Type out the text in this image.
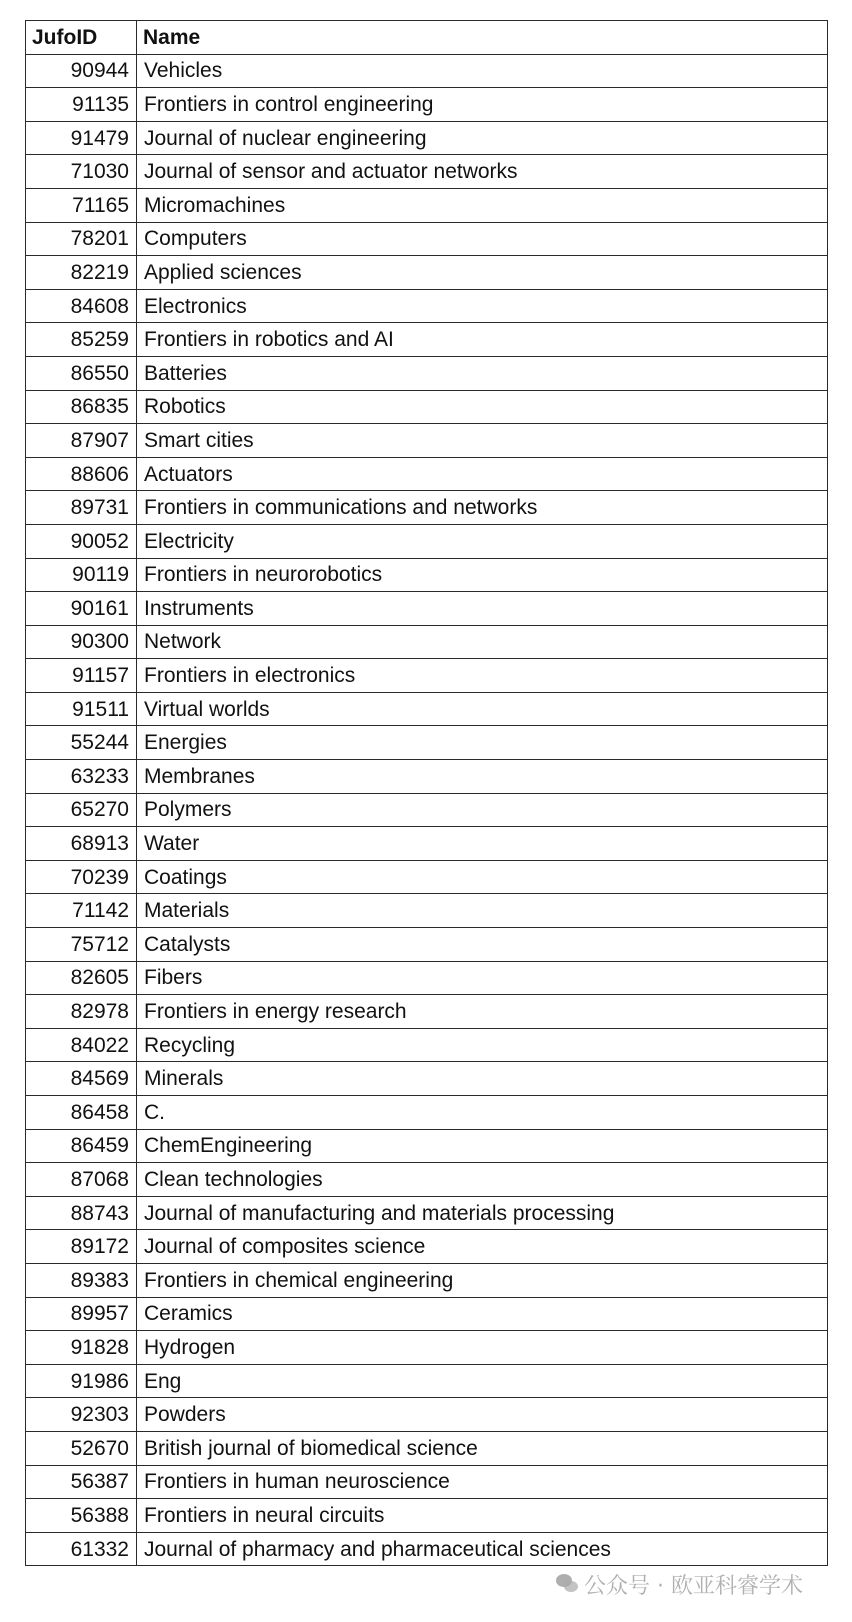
JufoID	Name
90944	Vehicles
91135	Frontiers in control engineering
91479	Journal of nuclear engineering
71030	Journal of sensor and actuator networks
71165	Micromachines
78201	Computers
82219	Applied sciences
84608	Electronics
85259	Frontiers in robotics and AI
86550	Batteries
86835	Robotics
87907	Smart cities
88606	Actuators
89731	Frontiers in communications and networks
90052	Electricity
90119	Frontiers in neurorobotics
90161	Instruments
90300	Network
91157	Frontiers in electronics
91511	Virtual worlds
55244	Energies
63233	Membranes
65270	Polymers
68913	Water
70239	Coatings
71142	Materials
75712	Catalysts
82605	Fibers
82978	Frontiers in energy research
84022	Recycling
84569	Minerals
86458	C.
86459	ChemEngineering
87068	Clean technologies
88743	Journal of manufacturing and materials processing
89172	Journal of composites science
89383	Frontiers in chemical engineering
89957	Ceramics
91828	Hydrogen
91986	Eng
92303	Powders
52670	British journal of biomedical science
56387	Frontiers in human neuroscience
56388	Frontiers in neural circuits
61332	Journal of pharmacy and pharmaceutical sciences
公众号 · 欧亚科睿学术
